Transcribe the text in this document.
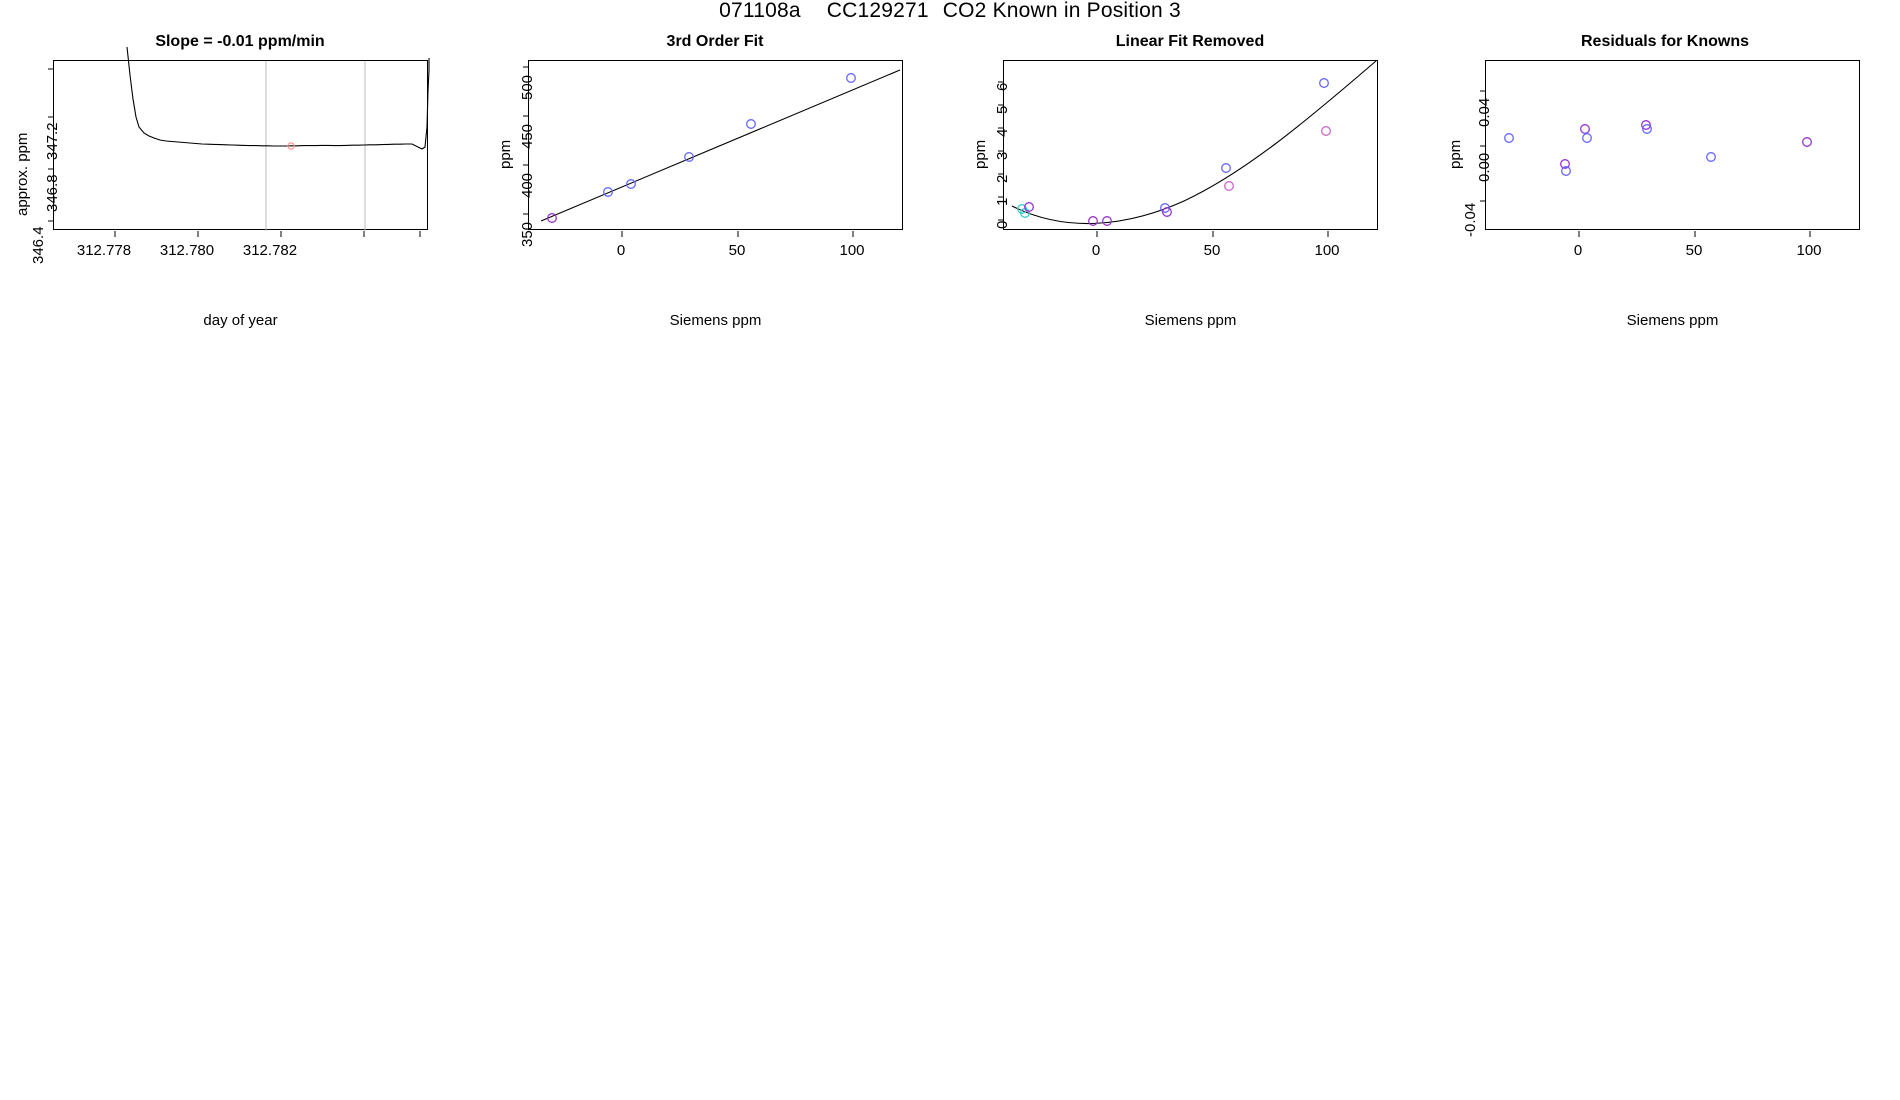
071108a CC129271 CO2 Known in Position 3
Slope = -0.01 ppm/min
312.778	312.780	312.782
346.4
346.8
347.2
day of year
approx. ppm
3rd Order Fit
0	50	100
350
400
450
500
Siemens ppm
ppm
Linear Fit Removed
0	50	100
0
1
2
3
4
5
6
Siemens ppm
ppm
Residuals for Knowns
0	50	100
-0.04
0.00
0.04
Siemens ppm
ppm
